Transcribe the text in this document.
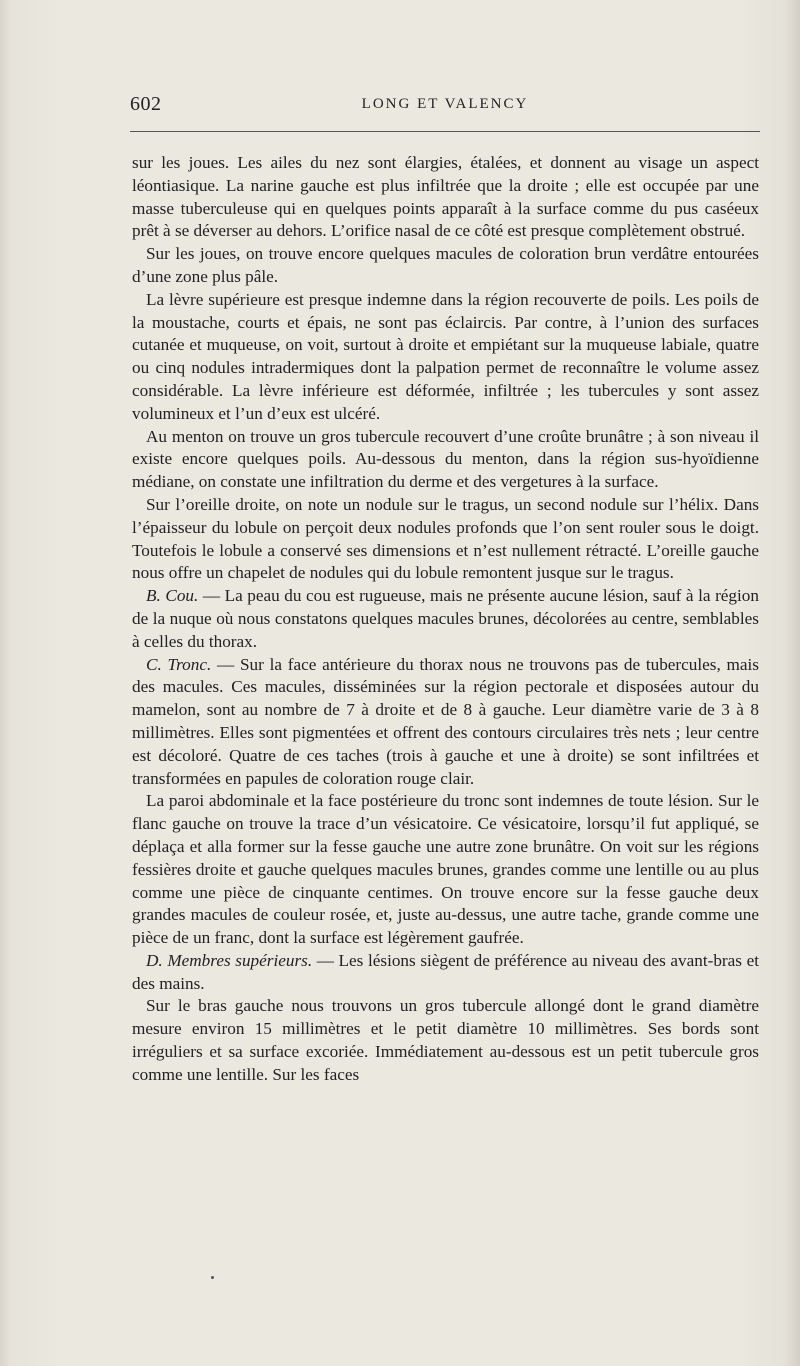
602	LONG ET VALENCY

sur les joues. Les ailes du nez sont élargies, étalées, et donnent au visage un aspect léontiasique. La narine gauche est plus infiltrée que la droite ; elle est occupée par une masse tuberculeuse qui en quelques points apparaît à la surface comme du pus caséeux prêt à se déverser au dehors. L’orifice nasal de ce côté est presque complètement obstrué.

Sur les joues, on trouve encore quelques macules de coloration brun verdâtre entourées d’une zone plus pâle.

La lèvre supérieure est presque indemne dans la région recouverte de poils. Les poils de la moustache, courts et épais, ne sont pas éclaircis. Par contre, à l’union des surfaces cutanée et muqueuse, on voit, surtout à droite et empiétant sur la muqueuse labiale, quatre ou cinq nodules intradermiques dont la palpation permet de reconnaître le volume assez considérable. La lèvre inférieure est déformée, infiltrée ; les tubercules y sont assez volumineux et l’un d’eux est ulcéré.

Au menton on trouve un gros tubercule recouvert d’une croûte brunâtre ; à son niveau il existe encore quelques poils. Au-dessous du menton, dans la région sus-hyoïdienne médiane, on constate une infiltration du derme et des vergetures à la surface.

Sur l’oreille droite, on note un nodule sur le tragus, un second nodule sur l’hélix. Dans l’épaisseur du lobule on perçoit deux nodules profonds que l’on sent rouler sous le doigt. Toutefois le lobule a conservé ses dimensions et n’est nullement rétracté. L’oreille gauche nous offre un chapelet de nodules qui du lobule remontent jusque sur le tragus.

B. Cou. — La peau du cou est rugueuse, mais ne présente aucune lésion, sauf à la région de la nuque où nous constatons quelques macules brunes, décolorées au centre, semblables à celles du thorax.

C. Tronc. — Sur la face antérieure du thorax nous ne trouvons pas de tubercules, mais des macules. Ces macules, disséminées sur la région pectorale et disposées autour du mamelon, sont au nombre de 7 à droite et de 8 à gauche. Leur diamètre varie de 3 à 8 millimètres. Elles sont pigmentées et offrent des contours circulaires très nets ; leur centre est décoloré. Quatre de ces taches (trois à gauche et une à droite) se sont infiltrées et transformées en papules de coloration rouge clair.

La paroi abdominale et la face postérieure du tronc sont indemnes de toute lésion. Sur le flanc gauche on trouve la trace d’un vésicatoire. Ce vésicatoire, lorsqu’il fut appliqué, se déplaça et alla former sur la fesse gauche une autre zone brunâtre. On voit sur les régions fessières droite et gauche quelques macules brunes, grandes comme une lentille ou au plus comme une pièce de cinquante centimes. On trouve encore sur la fesse gauche deux grandes macules de couleur rosée, et, juste au-dessus, une autre tache, grande comme une pièce de un franc, dont la surface est légèrement gaufrée.

D. Membres supérieurs. — Les lésions siègent de préférence au niveau des avant-bras et des mains.

Sur le bras gauche nous trouvons un gros tubercule allongé dont le grand diamètre mesure environ 15 millimètres et le petit diamètre 10 millimètres. Ses bords sont irréguliers et sa surface excoriée. Immédiatement au-dessous est un petit tubercule gros comme une lentille. Sur les faces
